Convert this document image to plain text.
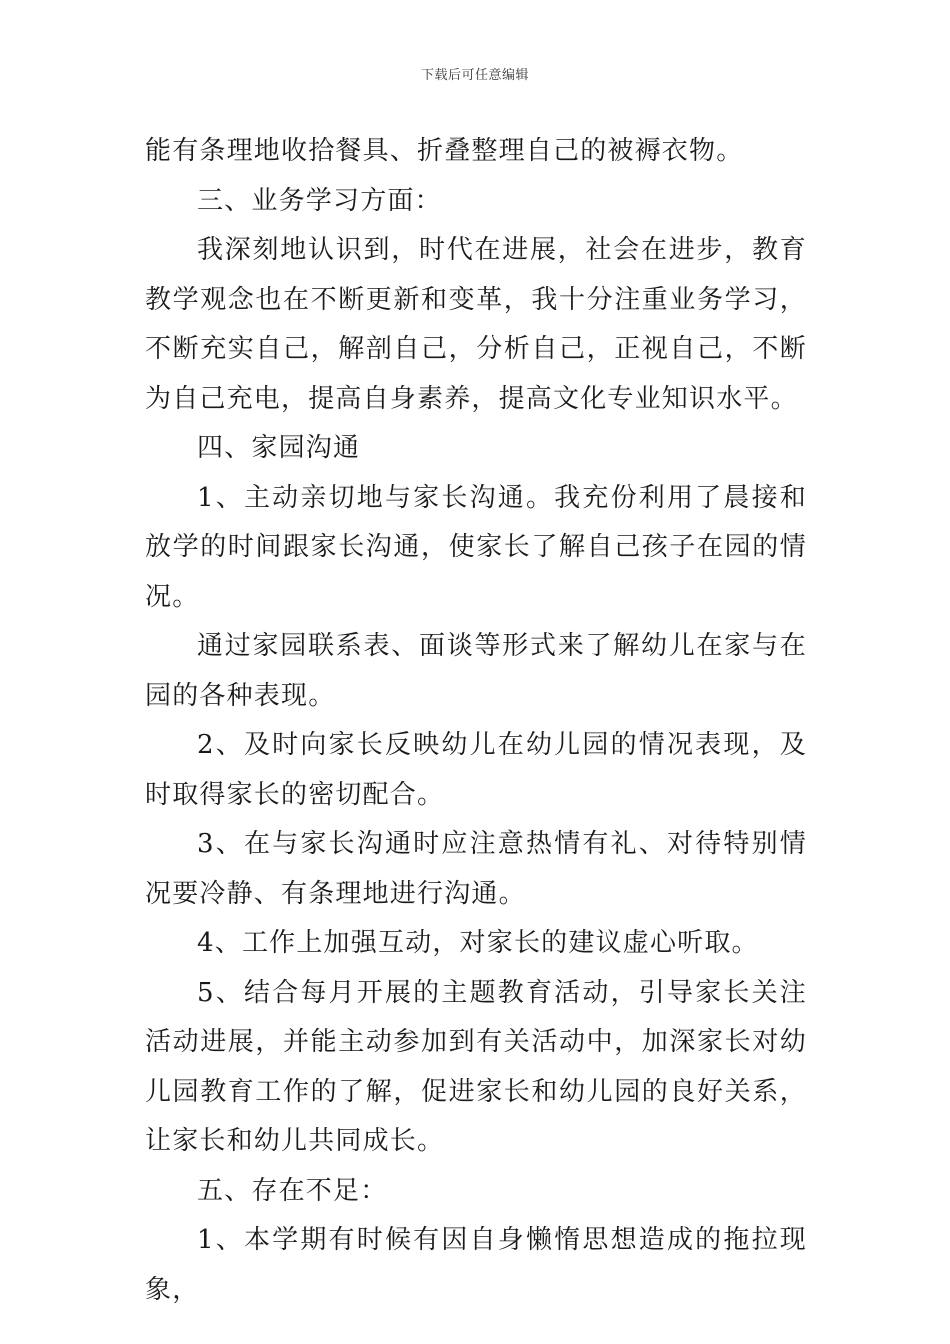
下载后可任意编辑

能有条理地收拾餐具、折叠整理自己的被褥衣物。

三、业务学习方面：

我深刻地认识到，时代在进展，社会在进步，教育教学观念也在不断更新和变革，我十分注重业务学习，不断充实自己，解剖自己，分析自己，正视自己，不断为自己充电，提高自身素养，提高文化专业知识水平。

四、家园沟通

1、主动亲切地与家长沟通。我充份利用了晨接和放学的时间跟家长沟通，使家长了解自己孩子在园的情况。

通过家园联系表、面谈等形式来了解幼儿在家与在园的各种表现。

2、及时向家长反映幼儿在幼儿园的情况表现，及时取得家长的密切配合。

3、在与家长沟通时应注意热情有礼、对待特别情况要冷静、有条理地进行沟通。

4、工作上加强互动，对家长的建议虚心听取。

5、结合每月开展的主题教育活动，引导家长关注活动进展，并能主动参加到有关活动中，加深家长对幼儿园教育工作的了解，促进家长和幼儿园的良好关系，让家长和幼儿共同成长。

五、存在不足：

1、本学期有时候有因自身懒惰思想造成的拖拉现象，
